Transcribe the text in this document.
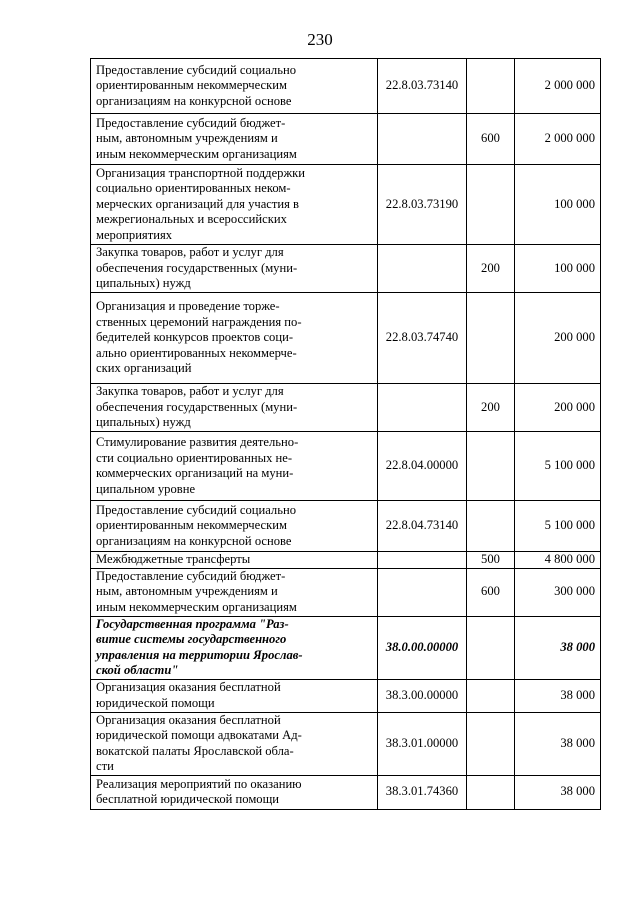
230
Предоставление субсидий социально
ориентированным некоммерческим
организациям на конкурсной основе	22.8.03.73140		2 000 000

Предоставление субсидий бюджет-
ным, автономным учреждениям и
иным некоммерческим организациям		600	2 000 000

Организация транспортной поддержки
социально ориентированных неком-
мерческих организаций для участия в
межрегиональных и всероссийских
мероприятиях	22.8.03.73190		100 000

Закупка товаров, работ и услуг для
обеспечения государственных (муни-
ципальных) нужд		200	100 000

Организация и проведение торже-
ственных церемоний награждения по-
бедителей конкурсов проектов соци-
ально ориентированных некоммерче-
ских организаций	22.8.03.74740		200 000

Закупка товаров, работ и услуг для
обеспечения государственных (муни-
ципальных) нужд		200	200 000

Стимулирование развития деятельно-
сти социально ориентированных не-
коммерческих организаций на муни-
ципальном уровне	22.8.04.00000		5 100 000

Предоставление субсидий социально
ориентированным некоммерческим
организациям на конкурсной основе	22.8.04.73140		5 100 000

Межбюджетные трансферты		500	4 800 000

Предоставление субсидий бюджет-
ным, автономным учреждениям и
иным некоммерческим организациям		600	300 000

Государственная программа "Раз-
витие системы государственного
управления на территории Ярослав-
ской области"	38.0.00.00000		38 000

Организация оказания бесплатной
юридической помощи	38.3.00.00000		38 000

Организация оказания бесплатной
юридической помощи адвокатами Ад-
вокатской палаты Ярославской обла-
сти	38.3.01.00000		38 000

Реализация мероприятий по оказанию
бесплатной юридической помощи	38.3.01.74360		38 000
